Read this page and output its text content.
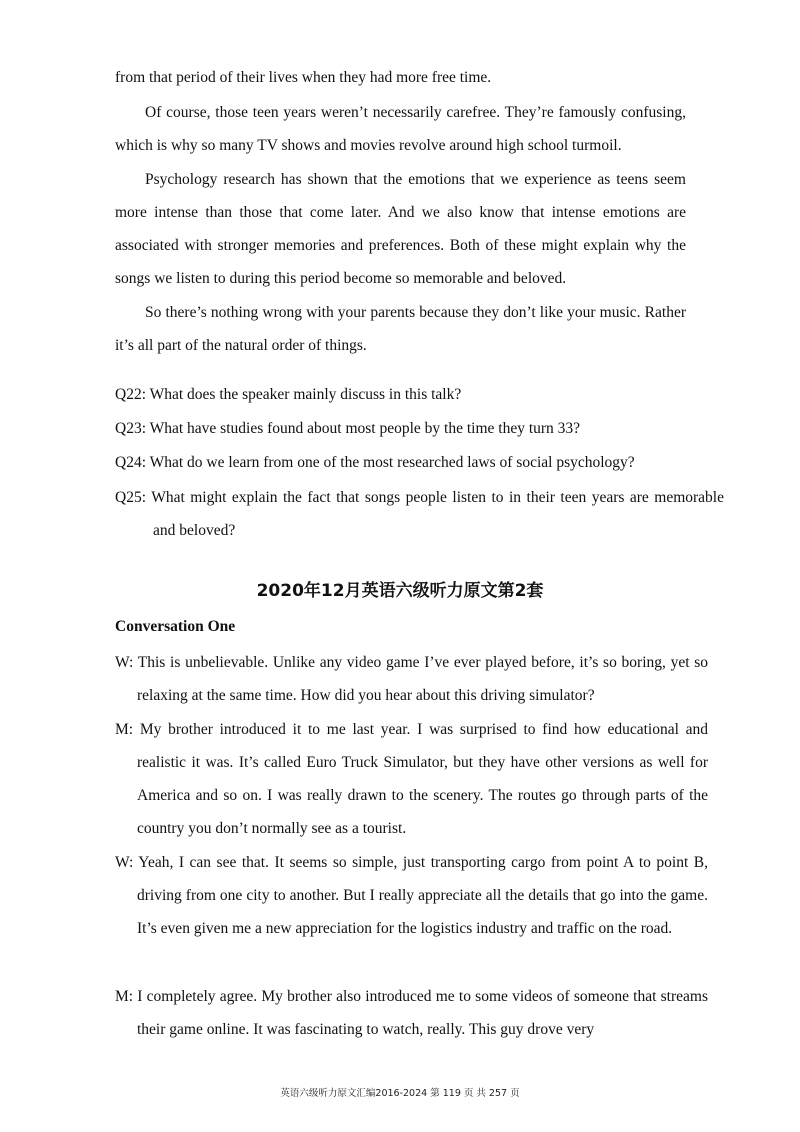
from that period of their lives when they had more free time.

Of course, those teen years weren’t necessarily carefree. They’re famously confusing, which is why so many TV shows and movies revolve around high school turmoil.

Psychology research has shown that the emotions that we experience as teens seem more intense than those that come later. And we also know that intense emotions are associated with stronger memories and preferences. Both of these might explain why the songs we listen to during this period become so memorable and beloved.

So there’s nothing wrong with your parents because they don’t like your music. Rather it’s all part of the natural order of things.

Q22: What does the speaker mainly discuss in this talk?

Q23: What have studies found about most people by the time they turn 33?

Q24: What do we learn from one of the most researched laws of social psychology?

Q25: What might explain the fact that songs people listen to in their teen years are memorable and beloved?

2020年12月英语六级听力原文第2套
Conversation One

W: This is unbelievable. Unlike any video game I’ve ever played before, it’s so boring, yet so relaxing at the same time. How did you hear about this driving simulator?

M: My brother introduced it to me last year. I was surprised to find how educational and realistic it was. It’s called Euro Truck Simulator, but they have other versions as well for America and so on. I was really drawn to the scenery. The routes go through parts of the country you don’t normally see as a tourist.

W: Yeah, I can see that. It seems so simple, just transporting cargo from point A to point B, driving from one city to another. But I really appreciate all the details that go into the game. It’s even given me a new appreciation for the logistics industry and traffic on the road.

M: I completely agree. My brother also introduced me to some videos of someone that streams their game online. It was fascinating to watch, really. This guy drove very

英语六级听力原文汇编2016-2024 第 119 页 共 257 页
